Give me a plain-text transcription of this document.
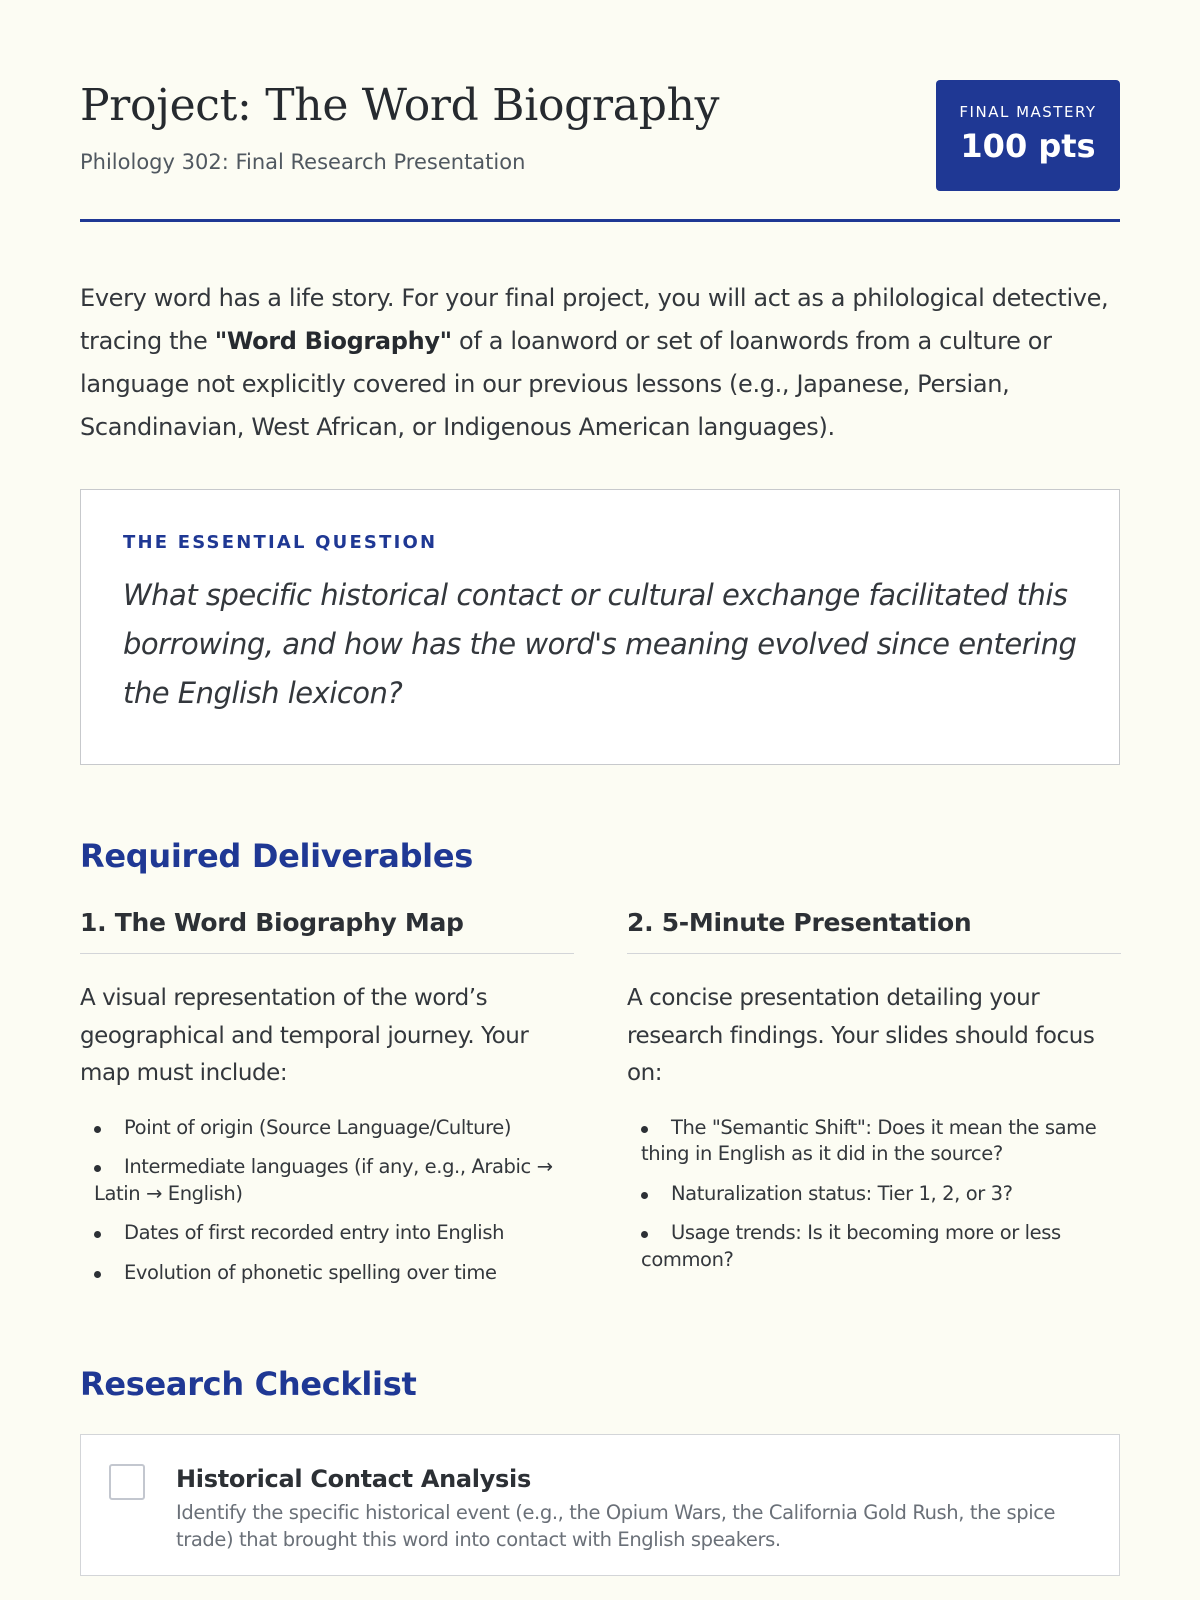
Project: The Word Biography
Philology 302: Final Research Presentation
FINAL MASTERY
100 pts

Every word has a life story. For your final project, you will act as a philological detective, tracing the "Word Biography" of a loanword or set of loanwords from a culture or language not explicitly covered in our previous lessons (e.g., Japanese, Persian, Scandinavian, West African, or Indigenous American languages).

THE ESSENTIAL QUESTION

What specific historical contact or cultural exchange facilitated this borrowing, and how has the word's meaning evolved since entering the English lexicon?

Required Deliverables
1. The Word Biography Map

A visual representation of the word’s geographical and temporal journey. Your map must include:

Point of origin (Source Language/Culture)
Intermediate languages (if any, e.g., Arabic → Latin → English)
Dates of first recorded entry into English
Evolution of phonetic spelling over time
2. 5-Minute Presentation

A concise presentation detailing your research findings. Your slides should focus on:

The "Semantic Shift": Does it mean the same thing in English as it did in the source?
Naturalization status: Tier 1, 2, or 3?
Usage trends: Is it becoming more or less common?
Research Checklist
Historical Contact Analysis

Identify the specific historical event (e.g., the Opium Wars, the California Gold Rush, the spice trade) that brought this word into contact with English speakers.
